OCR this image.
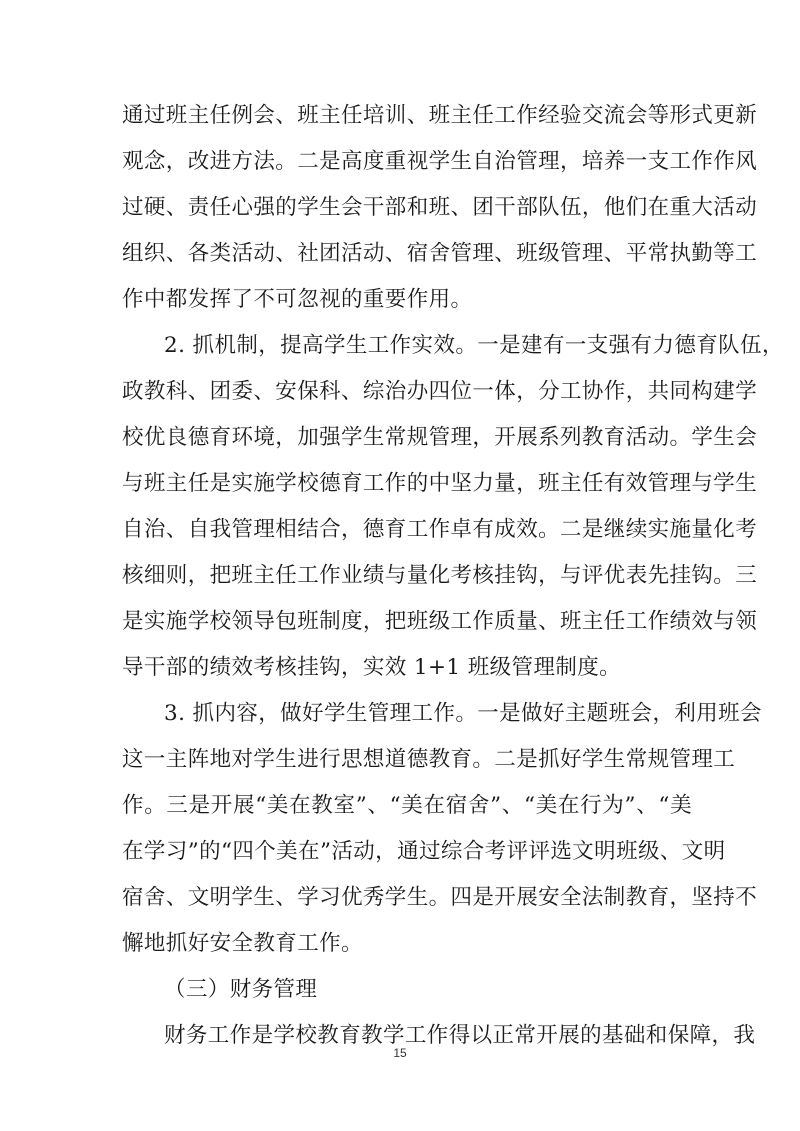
通过班主任例会、班主任培训、班主任工作经验交流会等形式更新
观念，改进方法。二是高度重视学生自治管理，培养一支工作作风
过硬、责任心强的学生会干部和班、团干部队伍，他们在重大活动
组织、各类活动、社团活动、宿舍管理、班级管理、平常执勤等工
作中都发挥了不可忽视的重要作用。
2. 抓机制，提高学生工作实效。一是建有一支强有力德育队伍，
政教科、团委、安保科、综治办四位一体，分工协作，共同构建学
校优良德育环境，加强学生常规管理，开展系列教育活动。学生会
与班主任是实施学校德育工作的中坚力量，班主任有效管理与学生
自治、自我管理相结合，德育工作卓有成效。二是继续实施量化考
核细则，把班主任工作业绩与量化考核挂钩，与评优表先挂钩。三
是实施学校领导包班制度，把班级工作质量、班主任工作绩效与领
导干部的绩效考核挂钩，实效 1+1 班级管理制度。
3. 抓内容，做好学生管理工作。一是做好主题班会，利用班会
这一主阵地对学生进行思想道德教育。二是抓好学生常规管理工
作。三是开展“美在教室”、“美在宿舍”、“美在行为”、“美
在学习”的“四个美在”活动，通过综合考评评选文明班级、文明
宿舍、文明学生、学习优秀学生。四是开展安全法制教育，坚持不
懈地抓好安全教育工作。
（三）财务管理
财务工作是学校教育教学工作得以正常开展的基础和保障，我
15
